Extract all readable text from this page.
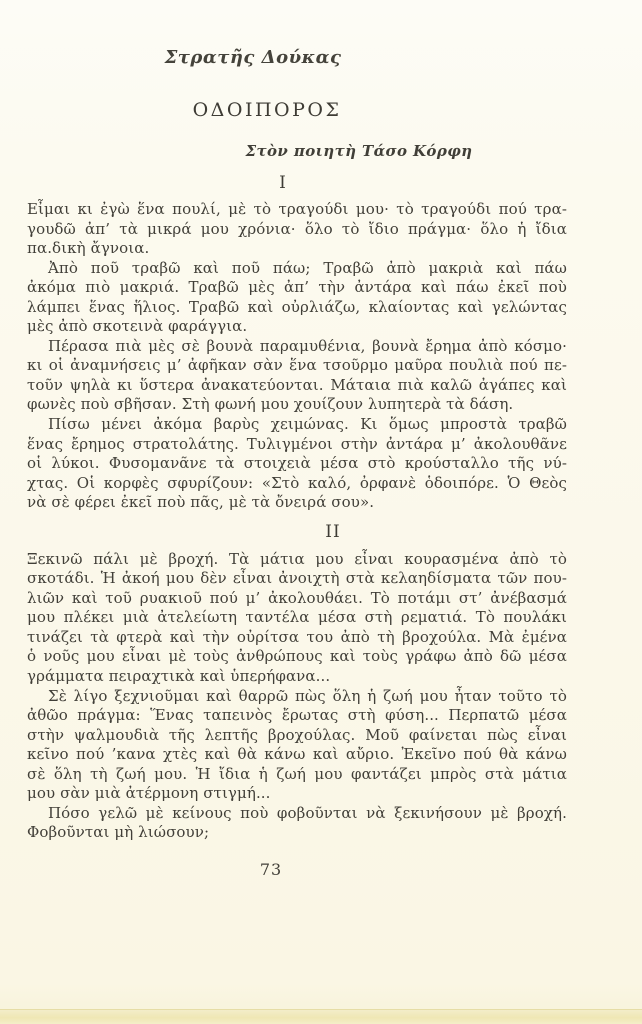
Στρατῆς Δούκας
ΟΔΟΙΠΟΡΟΣ
Στὸν ποιητὴ Τάσο Κόρφη
I
Εἶμαι κι ἐγὼ ἕνα πουλί, μὲ τὸ τραγούδι μου· τὸ τραγούδι πού τρα-
γουδῶ ἀπ’ τὰ μικρά μου χρόνια· ὅλο τὸ ἴδιο πράγμα· ὅλο ἡ ἴδια
πα.δικὴ ἄγνοια.
Ἀπὸ ποῦ τραβῶ καὶ ποῦ πάω; Τραβῶ ἀπὸ μακριὰ καὶ πάω
ἀκόμα πιὸ μακριά. Τραβῶ μὲς ἀπ’ τὴν ἀντάρα καὶ πάω ἐκεῖ ποὺ
λάμπει ἕνας ἥλιος. Τραβῶ καὶ οὐρλιάζω, κλαίοντας καὶ γελώντας
μὲς ἀπὸ σκοτεινὰ φαράγγια.
Πέρασα πιὰ μὲς σὲ βουνὰ παραμυθένια, βουνὰ ἔρημα ἀπὸ κόσμο·
κι οἱ ἀναμνήσεις μ’ ἀφῆκαν σὰν ἕνα τσοῦρμο μαῦρα πουλιὰ πού πε-
τοῦν ψηλὰ κι ὕστερα ἀνακατεύονται. Μάταια πιὰ καλῶ ἀγάπες καὶ
φωνὲς ποὺ σβῆσαν. Στὴ φωνή μου χουίζουν λυπητερὰ τὰ δάση.
Πίσω μένει ἀκόμα βαρὺς χειμώνας. Κι ὅμως μπροστὰ τραβῶ
ἕνας ἔρημος στρατολάτης. Τυλιγμένοι στὴν ἀντάρα μ’ ἀκολουθᾶνε
οἱ λύκοι. Φυσομανᾶνε τὰ στοιχειὰ μέσα στὸ κρούσταλλο τῆς νύ-
χτας. Οἱ κορφὲς σφυρίζουν: «Στὸ καλό, ὀρφανὲ ὁδοιπόρε. Ὁ Θεὸς
νὰ σὲ φέρει ἐκεῖ ποὺ πᾶς, μὲ τὰ ὄνειρά σου».
II
Ξεκινῶ πάλι μὲ βροχή. Τὰ μάτια μου εἶναι κουρασμένα ἀπὸ τὸ
σκοτάδι. Ἡ ἀκοή μου δὲν εἶναι ἀνοιχτὴ στὰ κελαηδίσματα τῶν που-
λιῶν καὶ τοῦ ρυακιοῦ πού μ’ ἀκολουθάει. Τὸ ποτάμι στ’ ἀνέβασμά
μου πλέκει μιὰ ἀτελείωτη ταντέλα μέσα στὴ ρεματιά. Τὸ πουλάκι
τινάζει τὰ φτερὰ καὶ τὴν οὐρίτσα του ἀπὸ τὴ βροχούλα. Μὰ ἐμένα
ὁ νοῦς μου εἶναι μὲ τοὺς ἀνθρώπους καὶ τοὺς γράφω ἀπὸ δῶ μέσα
γράμματα πειραχτικὰ καὶ ὑπερήφανα...
Σὲ λίγο ξεχνιοῦμαι καὶ θαρρῶ πὼς ὅλη ἡ ζωή μου ἦταν τοῦτο τὸ
ἀθῶο πράγμα: Ἕνας ταπεινὸς ἔρωτας στὴ φύση... Περπατῶ μέσα
στὴν ψαλμουδιὰ τῆς λεπτῆς βροχούλας. Μοῦ φαίνεται πὼς εἶναι
κεῖνο πού ’κανα χτὲς καὶ θὰ κάνω καὶ αὔριο. Ἐκεῖνο πού θὰ κάνω
σὲ ὅλη τὴ ζωή μου. Ἡ ἴδια ἡ ζωή μου φαντάζει μπρὸς στὰ μάτια
μου σὰν μιὰ ἀτέρμονη στιγμή...
Πόσο γελῶ μὲ κείνους ποὺ φοβοῦνται νὰ ξεκινήσουν μὲ βροχή.
Φοβοῦνται μὴ λιώσουν;
73
